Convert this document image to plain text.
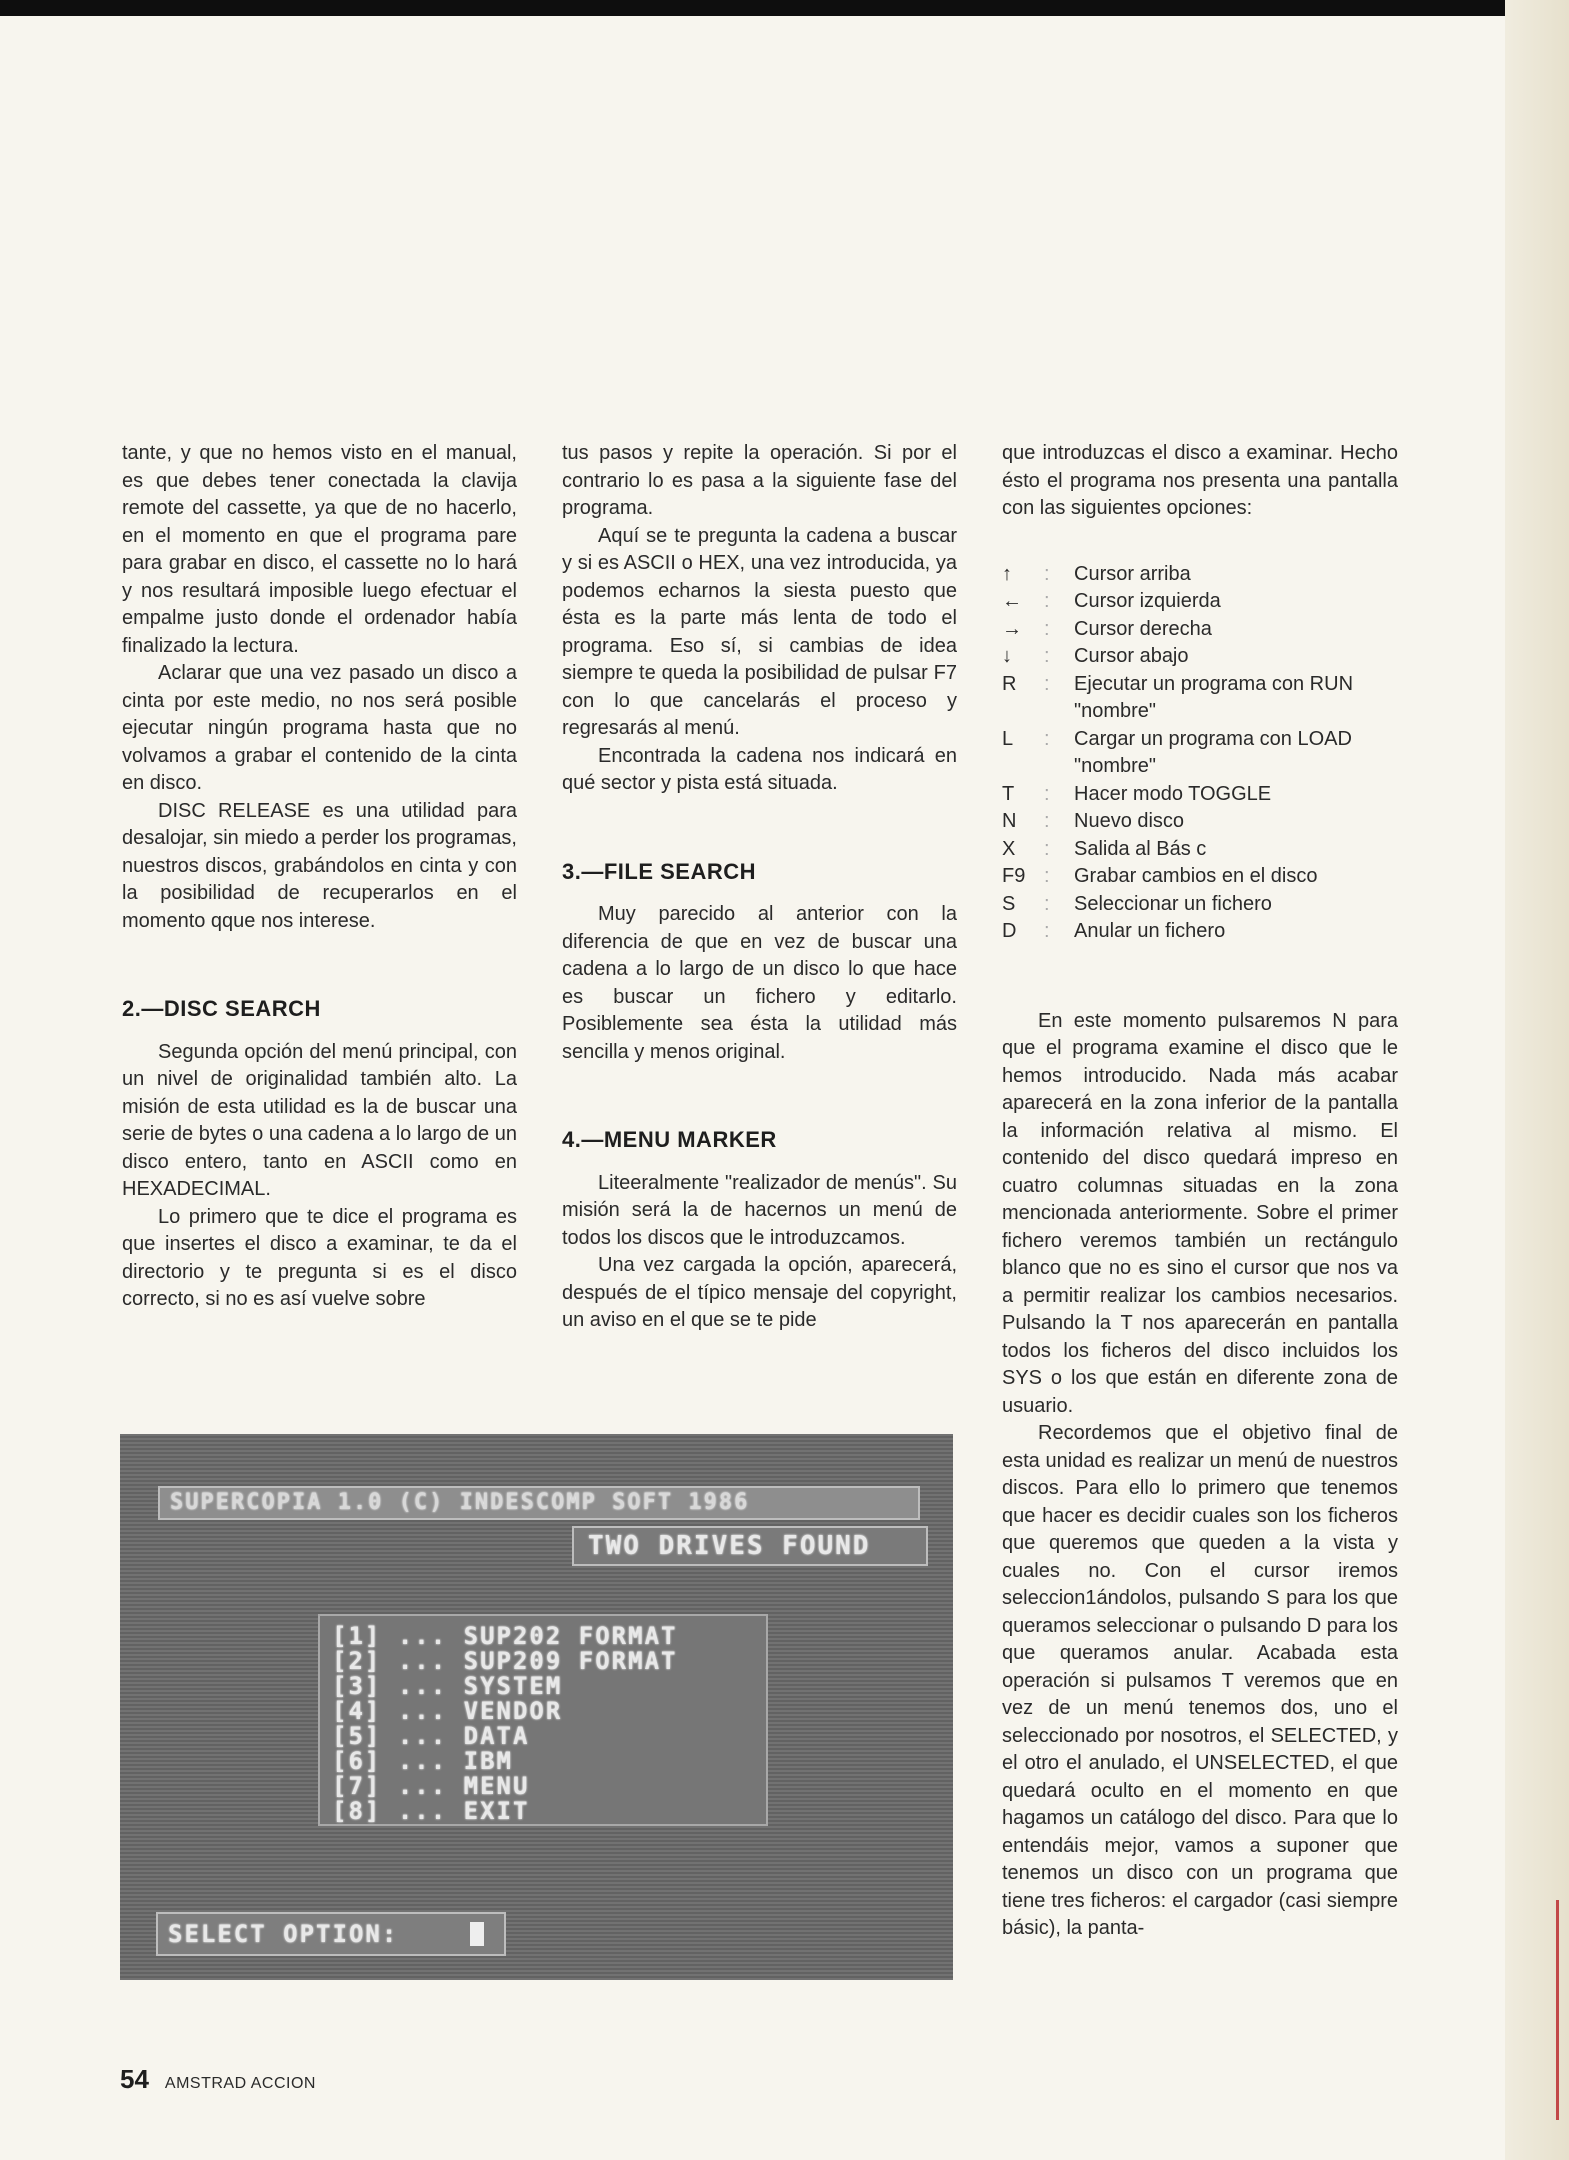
tante, y que no hemos visto en el manual, es que debes tener conectada la clavija remote del cassette, ya que de no hacerlo, en el momento en que el programa pare para grabar en disco, el cassette no lo hará y nos resultará imposible luego efectuar el empalme justo donde el ordenador había finalizado la lectura.

Aclarar que una vez pasado un disco a cinta por este medio, no nos será posible ejecutar ningún programa hasta que no volvamos a grabar el contenido de la cinta en disco.

DISC RELEASE es una utilidad para desalojar, sin miedo a perder los programas, nuestros discos, grabándolos en cinta y con la posibilidad de recuperarlos en el momento qque nos interese.

2.—DISC SEARCH

Segunda opción del menú principal, con un nivel de originalidad también alto. La misión de esta utilidad es la de buscar una serie de bytes o una cadena a lo largo de un disco entero, tanto en ASCII como en HEXADECIMAL.

Lo primero que te dice el programa es que insertes el disco a examinar, te da el directorio y te pregunta si es el disco correcto, si no es así vuelve sobre

tus pasos y repite la operación. Si por el contrario lo es pasa a la siguiente fase del programa.

Aquí se te pregunta la cadena a buscar y si es ASCII o HEX, una vez introducida, ya podemos echarnos la siesta puesto que ésta es la parte más lenta de todo el programa. Eso sí, si cambias de idea siempre te queda la posibilidad de pulsar F7 con lo que cancelarás el proceso y regresarás al menú.

Encontrada la cadena nos indicará en qué sector y pista está situada.

3.—FILE SEARCH

Muy parecido al anterior con la diferencia de que en vez de buscar una cadena a lo largo de un disco lo que hace es buscar un fichero y editarlo. Posiblemente sea ésta la utilidad más sencilla y menos original.

4.—MENU MARKER

Liteeralmente "realizador de menús". Su misión será la de hacernos un menú de todos los discos que le introduzcamos.

Una vez cargada la opción, aparecerá, después de el típico mensaje del copyright, un aviso en el que se te pide

que introduzcas el disco a examinar. Hecho ésto el programa nos presenta una pantalla con las siguientes opciones:

↑	:	Cursor arriba
←	:	Cursor izquierda
→	:	Cursor derecha
↓	:	Cursor abajo
R	:	Ejecutar un programa con RUN "nombre"
L	:	Cargar un programa con LOAD "nombre"
T	:	Hacer modo TOGGLE
N	:	Nuevo disco
X	:	Salida al Bás c
F9 :	Grabar cambios en el disco
S	:	Seleccionar un fichero
D	:	Anular un fichero

En este momento pulsaremos N para que el programa examine el disco que le hemos introducido. Nada más acabar aparecerá en la zona inferior de la pantalla la información relativa al mismo. El contenido del disco quedará impreso en cuatro columnas situadas en la zona mencionada anteriormente. Sobre el primer fichero veremos también un rectángulo blanco que no es sino el cursor que nos va a permitir realizar los cambios necesarios. Pulsando la T nos aparecerán en pantalla todos los ficheros del disco incluidos los SYS o los que están en diferente zona de usuario.

Recordemos que el objetivo final de esta unidad es realizar un menú de nuestros discos. Para ello lo primero que tenemos que hacer es decidir cuales son los ficheros que queremos que queden a la vista y cuales no. Con el cursor iremos seleccion1ándolos, pulsando S para los que queramos seleccionar o pulsando D para los que queramos anular. Acabada esta operación si pulsamos T veremos que en vez de un menú tenemos dos, uno el seleccionado por nosotros, el SELECTED, y el otro el anulado, el UNSELECTED, el que quedará oculto en el momento en que hagamos un catálogo del disco. Para que lo entendáis mejor, vamos a suponer que tenemos un disco con un programa que tiene tres ficheros: el cargador (casi siempre básic), la panta-

SUPERCOPIA 1.0 (C) INDESCOMP SOFT 1986
TWO DRIVES FOUND
[1] ... SUP202 FORMAT
[2] ... SUP209 FORMAT
[3] ... SYSTEM
[4] ... VENDOR
[5] ... DATA
[6] ... IBM
[7] ... MENU
[8] ... EXIT
SELECT OPTION:
54 AMSTRAD ACCION
